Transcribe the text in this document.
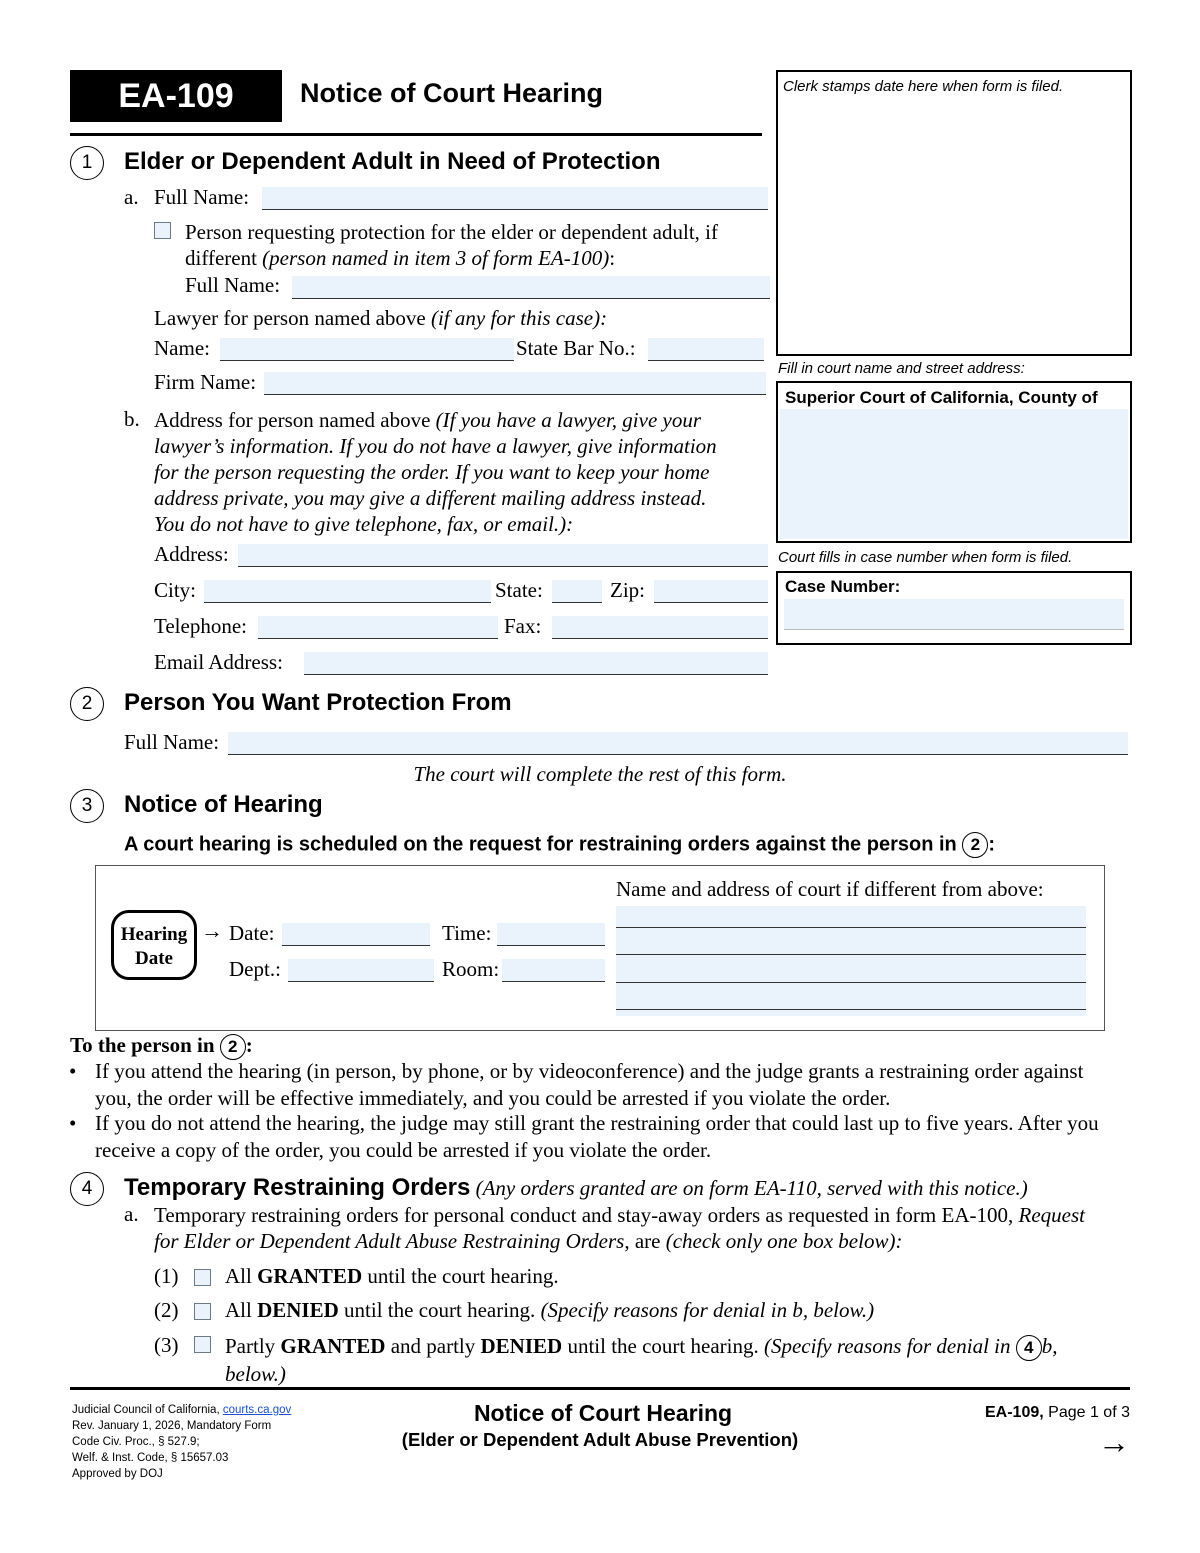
EA-109	Notice of Court Hearing	Clerk stamps date here when form is filed.
Fill in court name and street address:
Superior Court of California, County of
Court fills in case number when form is filed.
Case Number:
1	Elder or Dependent Adult in Need of Protection
a. Full Name:
Person requesting protection for the elder or dependent adult, if
different (person named in item 3 of form EA-100):
Full Name:
Lawyer for person named above (if any for this case):
Name:	State Bar No.:
Firm Name:
b. Address for person named above (If you have a lawyer, give your
lawyer’s information. If you do not have a lawyer, give information
for the person requesting the order. If you want to keep your home
address private, you may give a different mailing address instead.
You do not have to give telephone, fax, or email.):
Address:
City:	State:	Zip:
Telephone:	Fax:
Email Address:
2	Person You Want Protection From
Full Name:
The court will complete the rest of this form.
3	Notice of Hearing
A court hearing is scheduled on the request for restraining orders against the person in 2 :
Hearing
Date
→ Date:	Time:
Dept.:	Room:
Name and address of court if different from above:
To the person in 2 :
• If you attend the hearing (in person, by phone, or by videoconference) and the judge grants a restraining order against
you, the order will be effective immediately, and you could be arrested if you violate the order.
• If you do not attend the hearing, the judge may still grant the restraining order that could last up to five years. After you
receive a copy of the order, you could be arrested if you violate the order.
4	Temporary Restraining Orders (Any orders granted are on form EA-110, served with this notice.)
a. Temporary restraining orders for personal conduct and stay-away orders as requested in form EA-100, Request
for Elder or Dependent Adult Abuse Restraining Orders, are (check only one box below):
(1) All GRANTED until the court hearing.
(2) All DENIED until the court hearing. (Specify reasons for denial in b, below.)
(3) Partly GRANTED and partly DENIED until the court hearing. (Specify reasons for denial in 4 b,
below.)
Judicial Council of California, courts.ca.gov
Rev. January 1, 2026, Mandatory Form
Code Civ. Proc., § 527.9;
Welf. & Inst. Code, § 15657.03
Approved by DOJ
Notice of Court Hearing
(Elder or Dependent Adult Abuse Prevention)
EA-109, Page 1 of 3
→
